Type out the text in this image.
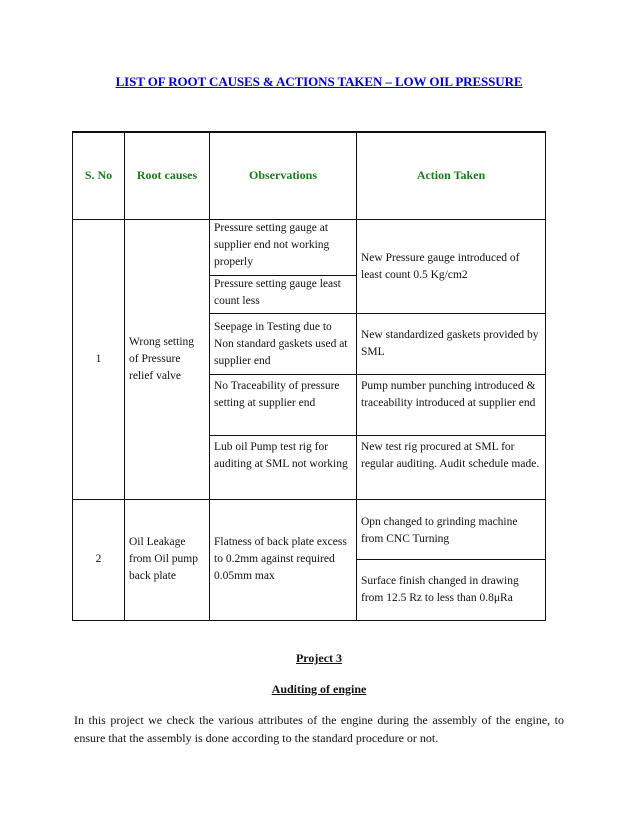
LIST OF ROOT CAUSES & ACTIONS TAKEN – LOW OIL PRESSURE
S. No	Root causes	Observations	Action Taken
1	Wrong setting of Pressure relief valve	Pressure setting gauge at supplier end not working properly	New Pressure gauge introduced of least count 0.5 Kg/cm2
		Pressure setting gauge least count less	
		Seepage in Testing due to Non standard gaskets used at supplier end	New standardized gaskets provided by SML
		No Traceability of pressure setting at supplier end	Pump number punching introduced & traceability introduced at supplier end
		Lub oil Pump test rig for auditing at SML not working	New test rig procured at SML for regular auditing. Audit schedule made.
2	Oil Leakage from Oil pump back plate	Flatness of back plate excess to 0.2mm against required 0.05mm max	Opn changed to grinding machine from CNC Turning
			Surface finish changed in drawing from 12.5 Rz to less than 0.8μRa
Project 3
Auditing of engine
In this project we check the various attributes of the engine during the assembly of the engine, to ensure that the assembly is done according to the standard procedure or not.
